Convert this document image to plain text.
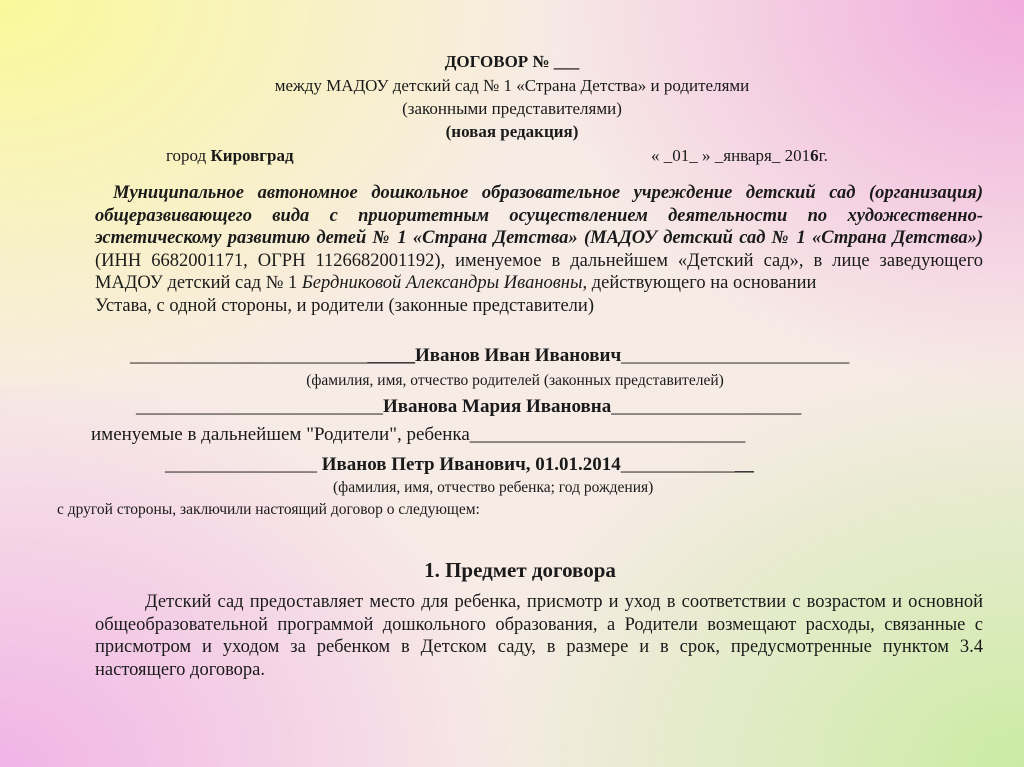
ДОГОВОР № ___
между МАДОУ детский сад № 1 «Страна Детства» и родителями
(законными представителями)
(новая редакция)
город Кировград	« _01_ » _января_ 2016г.
Муниципальное автономное дошкольное образовательное учреждение детский сад (организация) общеразвивающего вида с приоритетным осуществлением деятельности по художественно-эстетическому развитию детей № 1 «Страна Детства» (МАДОУ детский сад № 1 «Страна Детства») (ИНН 6682001171, ОГРН 1126682001192), именуемое в дальнейшем «Детский сад», в лице заведующего МАДОУ детский сад № 1 Бердниковой Александры Ивановны, действующего на основании
Устава, с одной стороны, и родители (законные представители)
______________________________Иванов Иван Иванович________________________
(фамилия, имя, отчество родителей (законных представителей)
__________________________Иванова Мария Ивановна____________________
именуемые в дальнейшем "Родители", ребенка_____________________________
________________ Иванов Петр Иванович, 01.01.2014______________
(фамилия, имя, отчество ребенка; год рождения)
с другой стороны, заключили настоящий договор о следующем:
1. Предмет договора
Детский сад предоставляет место для ребенка, присмотр и уход в соответствии с возрастом и основной общеобразовательной программой дошкольного образования, а Родители возмещают расходы, связанные с присмотром и уходом за ребенком в Детском саду, в размере и в срок, предусмотренные пунктом 3.4 настоящего договора.
